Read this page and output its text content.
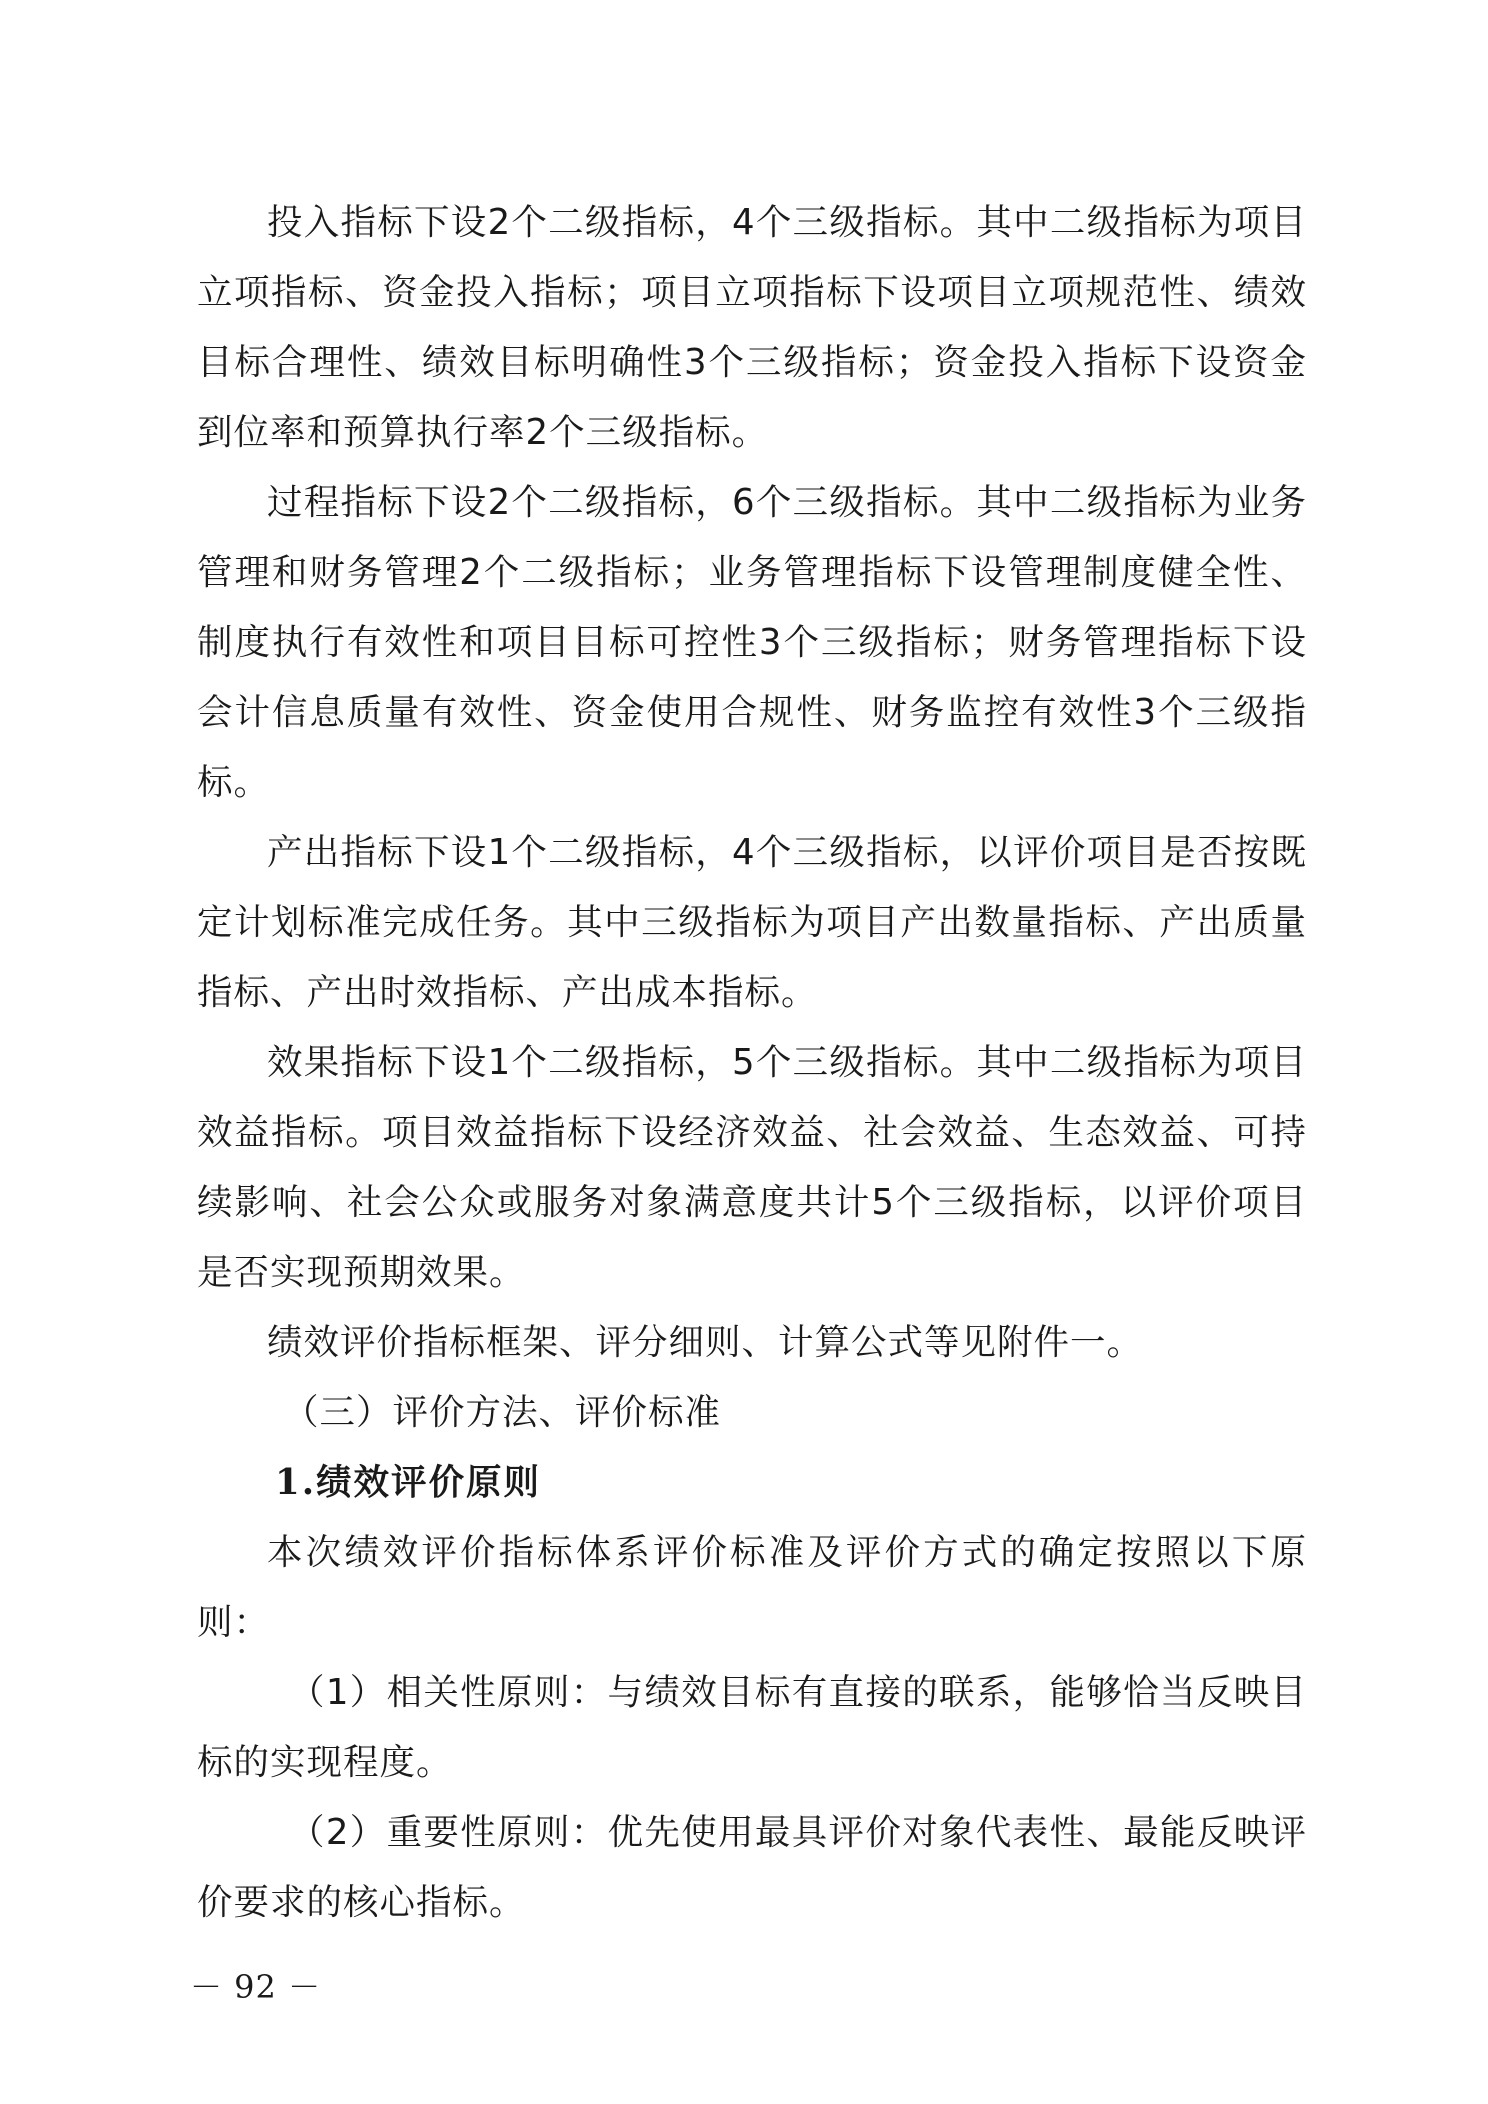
投入指标下设2个二级指标，4个三级指标。其中二级指标为项目立项指标、资金投入指标；项目立项指标下设项目立项规范性、绩效目标合理性、绩效目标明确性3个三级指标；资金投入指标下设资金到位率和预算执行率2个三级指标。

过程指标下设2个二级指标，6个三级指标。其中二级指标为业务管理和财务管理2个二级指标；业务管理指标下设管理制度健全性、制度执行有效性和项目目标可控性3个三级指标；财务管理指标下设会计信息质量有效性、资金使用合规性、财务监控有效性3个三级指标。

产出指标下设1个二级指标，4个三级指标，以评价项目是否按既定计划标准完成任务。其中三级指标为项目产出数量指标、产出质量指标、产出时效指标、产出成本指标。

效果指标下设1个二级指标，5个三级指标。其中二级指标为项目效益指标。项目效益指标下设经济效益、社会效益、生态效益、可持续影响、社会公众或服务对象满意度共计5个三级指标，以评价项目是否实现预期效果。

绩效评价指标框架、评分细则、计算公式等见附件一。

（三）评价方法、评价标准

1.绩效评价原则

本次绩效评价指标体系评价标准及评价方式的确定按照以下原则：

（1）相关性原则：与绩效目标有直接的联系，能够恰当反映目标的实现程度。

（2）重要性原则：优先使用最具评价对象代表性、最能反映评价要求的核心指标。

－ 92 －
